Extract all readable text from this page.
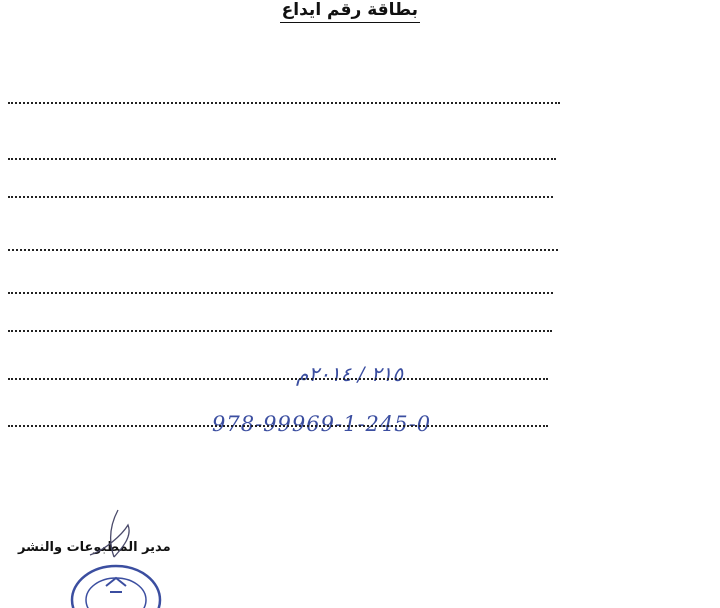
بطاقة رقم ايداع
٢١٥ / ٢٠١٤م
978-99969-1-245-0
مدير المطبوعات والنشر
